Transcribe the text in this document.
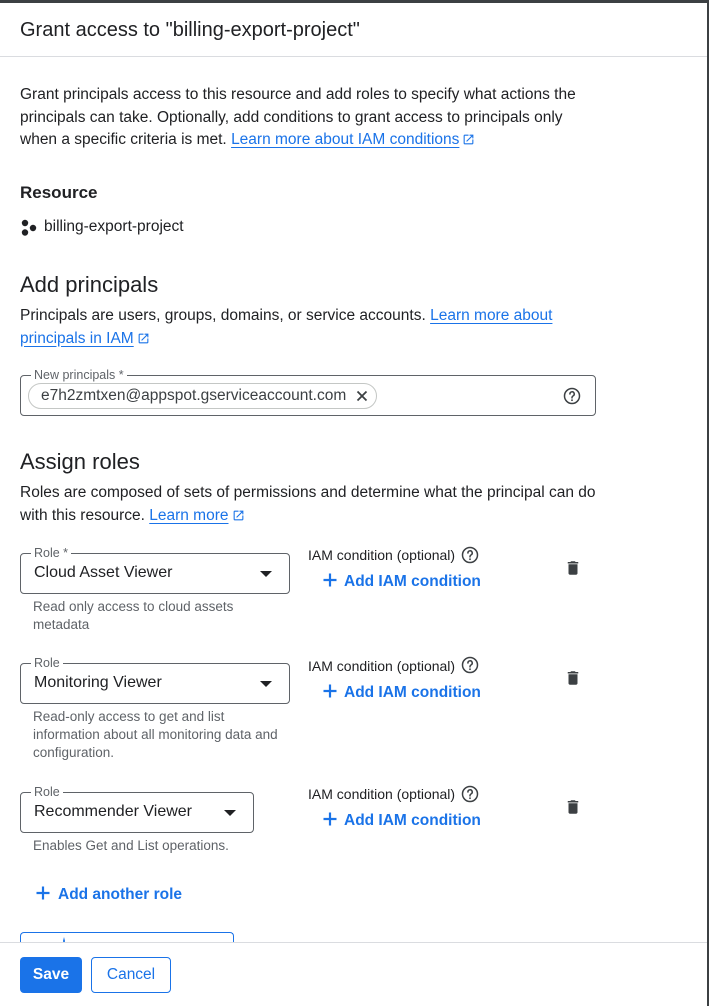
Grant access to "billing-export-project"
Grant principals access to this resource and add roles to specify what actions the principals can take. Optionally, add conditions to grant access to principals only when a specific criteria is met. Learn more about IAM conditions
Resource
billing-export-project
Add principals
Principals are users, groups, domains, or service accounts. Learn more about principals in IAM
New principals *
e7h2zmtxen@appspot.gserviceaccount.com
Assign roles
Roles are composed of sets of permissions and determine what the principal can do with this resource. Learn more
Role *
Cloud Asset Viewer
Read only access to cloud assets metadata
IAM condition (optional)
Add IAM condition
Role
Monitoring Viewer
Read-only access to get and list information about all monitoring data and configuration.
IAM condition (optional)
Add IAM condition
Role
Recommender Viewer
Enables Get and List operations.
IAM condition (optional)
Add IAM condition
Add another role
Save	Cancel
